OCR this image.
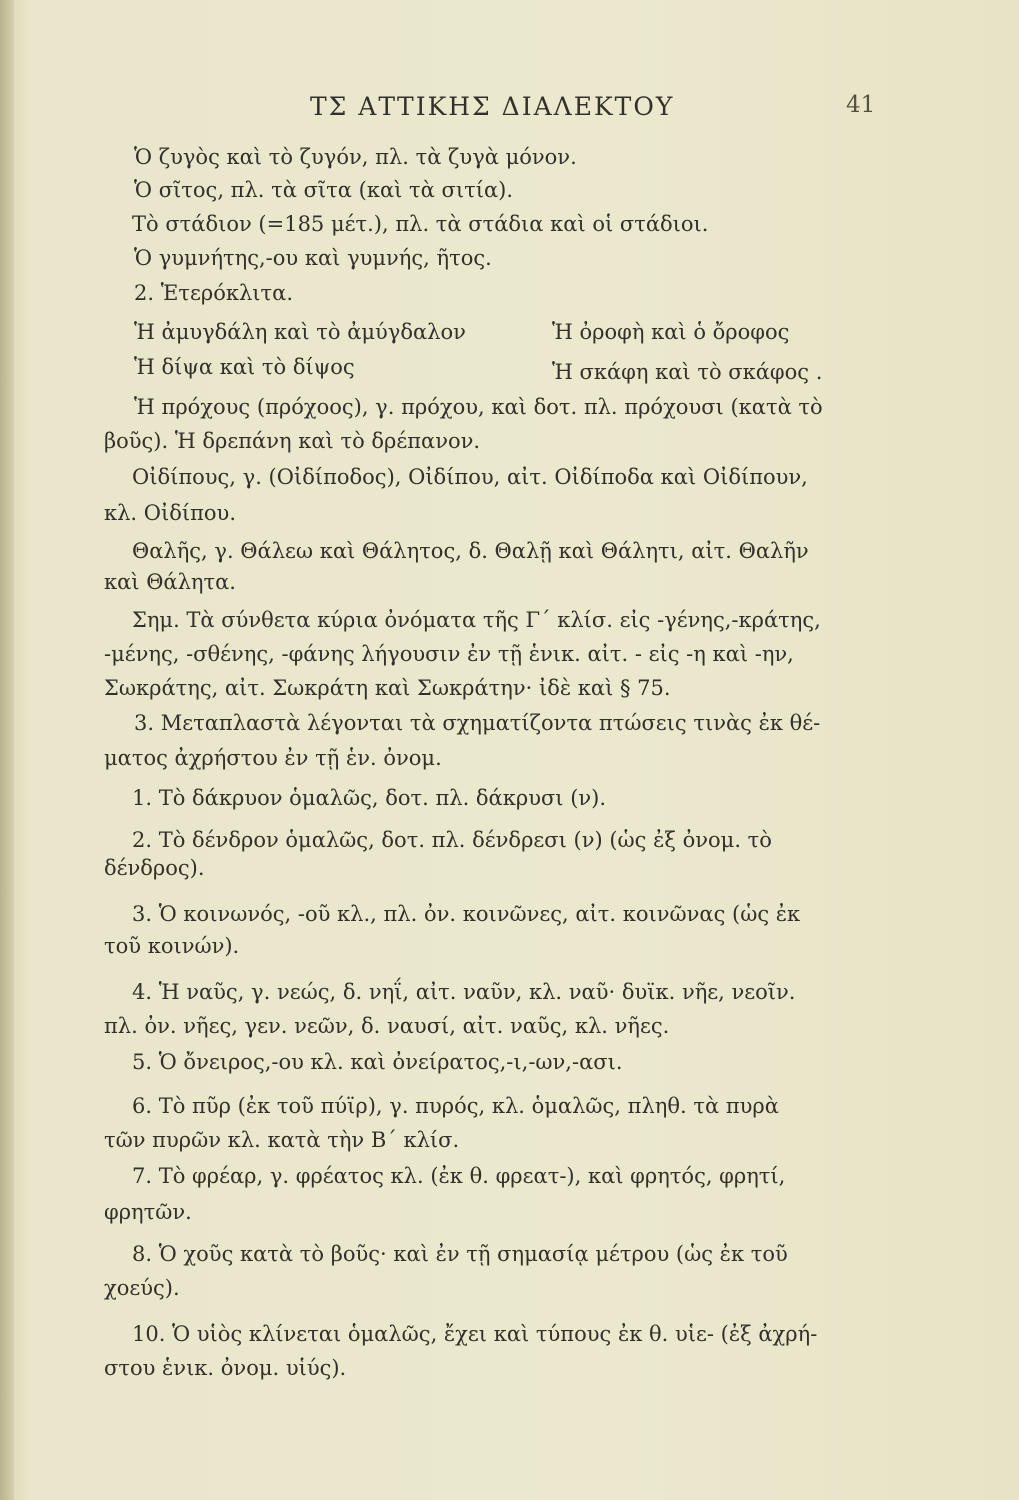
ΤΣ ΑΤΤΙΚΗΣ ΔΙΑΛΕΚΤΟΥ	41
Ὁ ζυγὸς καὶ τὸ ζυγόν, πλ. τὰ ζυγὰ μόνον.
Ὁ σῖτος, πλ. τὰ σῖτα (καὶ τὰ σιτία).
Τὸ στάδιον (=185 μέτ.), πλ. τὰ στάδια καὶ οἱ στάδιοι.
Ὁ γυμνήτης,-ου καὶ γυμνής, ῆτος.
2. Ἑτερόκλιτα.
Ἡ ἀμυγδάλη καὶ τὸ ἀμύγδαλον	Ἡ ὀροφὴ καὶ ὁ ὄροφος
Ἡ δίψα καὶ τὸ δίψος	Ἡ σκάφη καὶ τὸ σκάφος .
Ἡ πρόχους (πρόχοος), γ. πρόχου, καὶ δοτ. πλ. πρόχουσι (κατὰ τὸ
βοῦς). Ἡ δρεπάνη καὶ τὸ δρέπανον.
Οἰδίπους, γ. (Οἰδίποδος), Οἰδίπου, αἰτ. Οἰδίποδα καὶ Οἰδίπουν,
κλ. Οἰδίπου.
Θαλῆς, γ. Θάλεω καὶ Θάλητος, δ. Θαλῇ καὶ Θάλητι, αἰτ. Θαλῆν
καὶ Θάλητα.
Σημ. Τὰ σύνθετα κύρια ὀνόματα τῆς Γ΄ κλίσ. εἰς -γένης,-κράτης,
-μένης, -σθένης, -φάνης λήγουσιν ἐν τῇ ἑνικ. αἰτ. - εἰς -η καὶ -ην,
Σωκράτης, αἰτ. Σωκράτη καὶ Σωκράτην· ἰδὲ καὶ § 75.
3. Μεταπλαστὰ λέγονται τὰ σχηματίζοντα πτώσεις τινὰς ἐκ θέ-
ματος ἀχρήστου ἐν τῇ ἑν. ὀνομ.
1. Τὸ δάκρυον ὁμαλῶς, δοτ. πλ. δάκρυσι (ν).
2. Τὸ δένδρον ὁμαλῶς, δοτ. πλ. δένδρεσι (ν) (ὡς ἐξ ὀνομ. τὸ
δένδρος).
3. Ὁ κοινωνός, -οῦ κλ., πλ. ὀν. κοινῶνες, αἰτ. κοινῶνας (ὡς ἐκ
τοῦ κοινών).
4. Ἡ ναῦς, γ. νεώς, δ. νηΐ, αἰτ. ναῦν, κλ. ναῦ· δυϊκ. νῆε, νεοῖν.
πλ. ὀν. νῆες, γεν. νεῶν, δ. ναυσί, αἰτ. ναῦς, κλ. νῆες.
5. Ὁ ὄνειρος,-ου κλ. καὶ ὀνείρατος,-ι,-ων,-ασι.
6. Τὸ πῦρ (ἐκ τοῦ πύϊρ), γ. πυρός, κλ. ὁμαλῶς, πληθ. τὰ πυρὰ
τῶν πυρῶν κλ. κατὰ τὴν Β΄ κλίσ.
7. Τὸ φρέαρ, γ. φρέατος κλ. (ἐκ θ. φρεατ-), καὶ φρητός, φρητί,
φρητῶν.
8. Ὁ χοῦς κατὰ τὸ βοῦς· καὶ ἐν τῇ σημασίᾳ μέτρου (ὡς ἐκ τοῦ
χοεύς).
10. Ὁ υἱὸς κλίνεται ὁμαλῶς, ἔχει καὶ τύπους ἐκ θ. υἱε- (ἐξ ἀχρή-
στου ἑνικ. ὀνομ. υἱύς).
